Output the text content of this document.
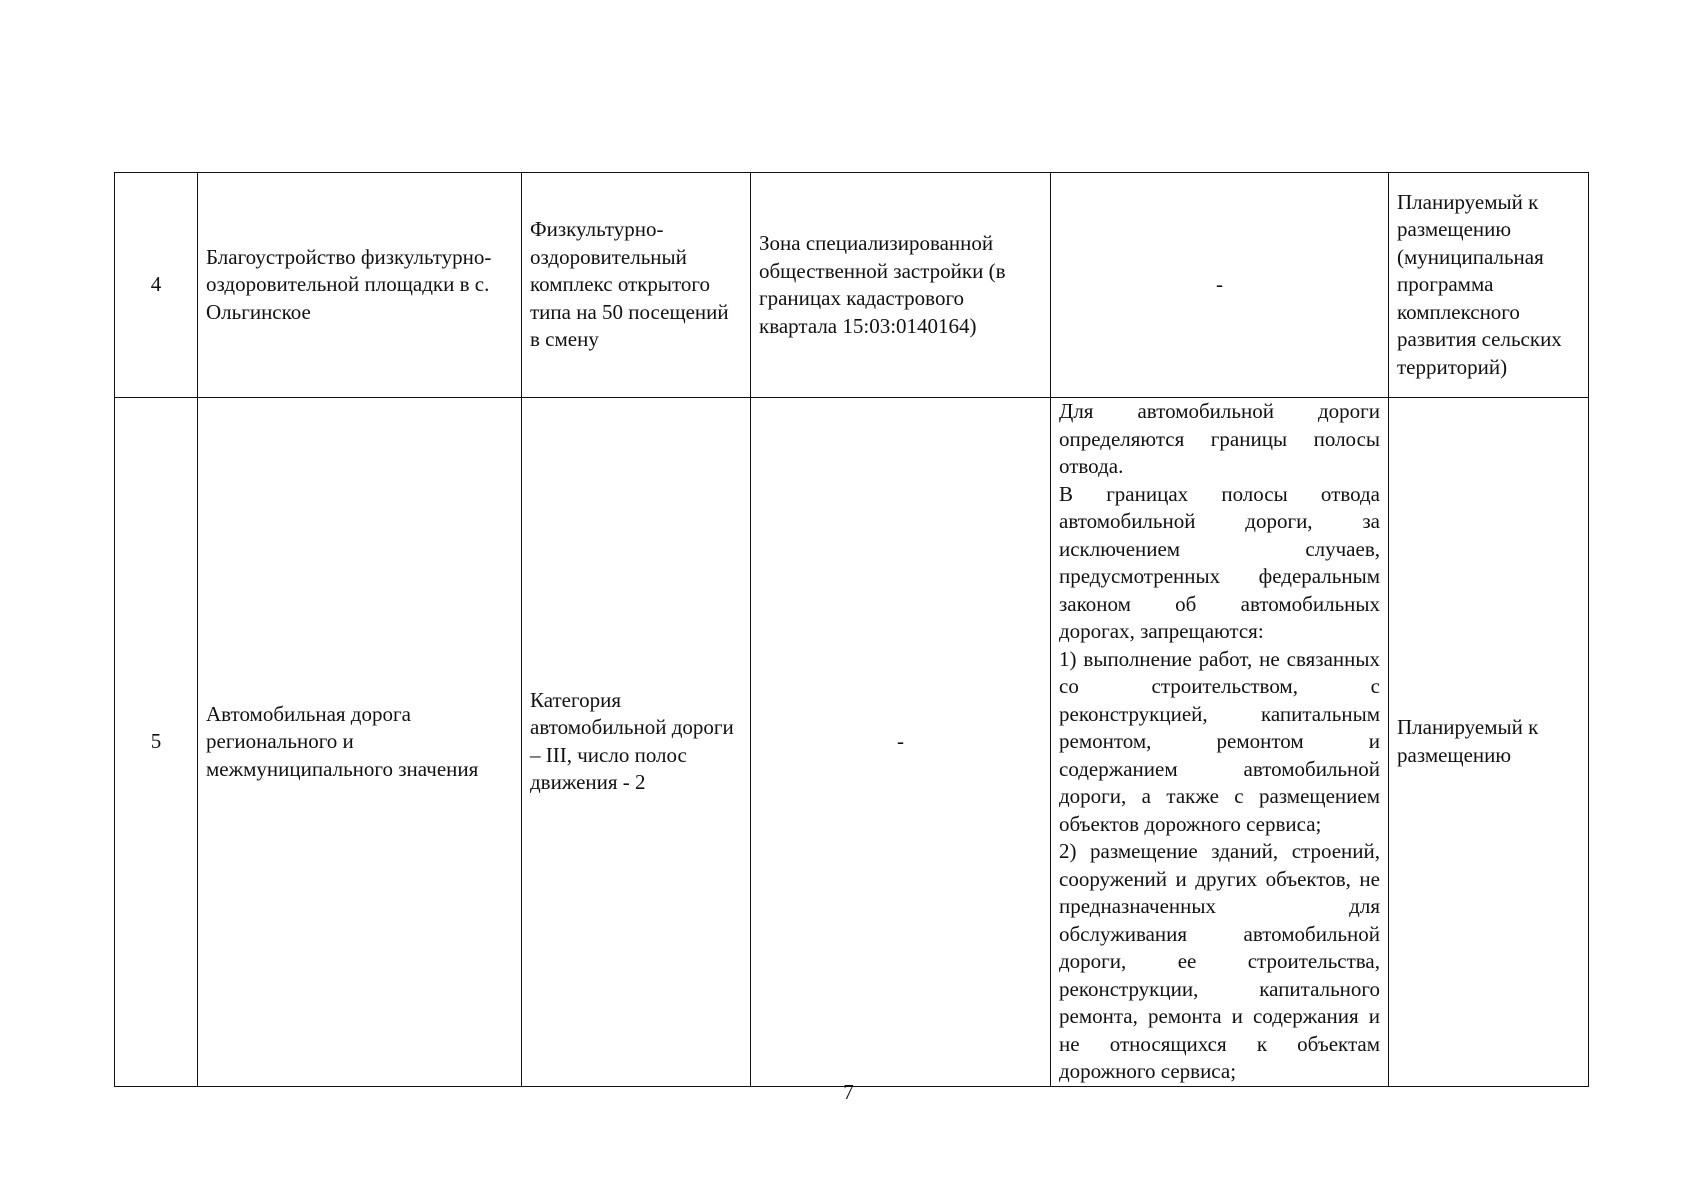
4	Благоустройство физкультурно-оздоровительной площадки в с. Ольгинское	Физкультурно-оздоровительный комплекс открытого типа на 50 посещений в смену	Зона специализированной общественной застройки (в границах кадастрового квартала 15:03:0140164)	-	Планируемый к размещению (муниципальная программа комплексного развития сельских территорий)
5	Автомобильная дорога регионального и межмуниципального значения	Категория автомобильной дороги – III, число полос движения - 2	-	Для автомобильной дороги определяются границы полосы отвода.

В границах полосы отвода автомобильной дороги, за исключением случаев, предусмотренных федеральным законом об автомобильных дорогах, запрещаются:

1) выполнение работ, не связанных со строительством, с реконструкцией, капитальным ремонтом, ремонтом и содержанием автомобильной дороги, а также с размещением объектов дорожного сервиса;

2) размещение зданий, строений, сооружений и других объектов, не предназначенных для обслуживания автомобильной дороги, ее строительства, реконструкции, капитального ремонта, ремонта и содержания и не относящихся к объектам дорожного сервиса;	Планируемый к размещению
7
